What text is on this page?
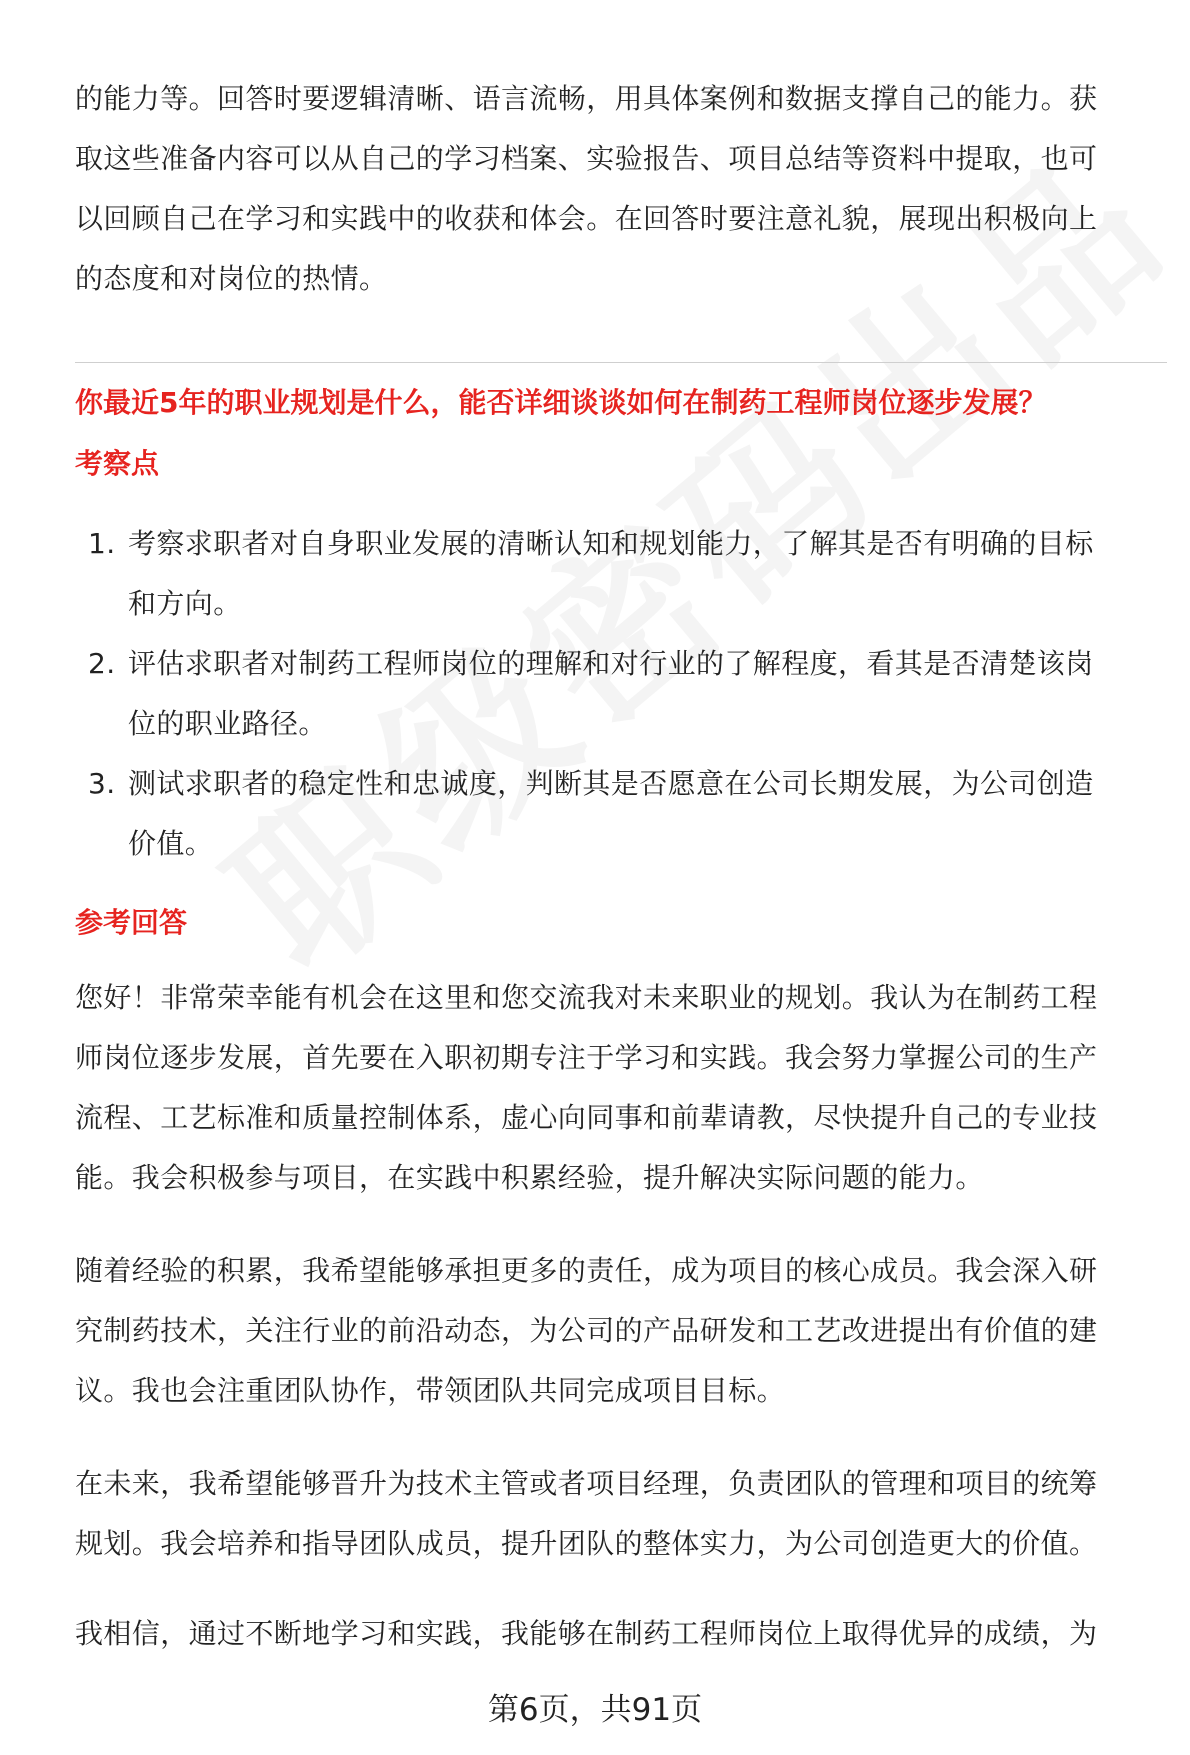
的能力等。回答时要逻辑清晰、语言流畅，用具体案例和数据支撑自己的能力。获
取这些准备内容可以从自己的学习档案、实验报告、项目总结等资料中提取，也可
以回顾自己在学习和实践中的收获和体会。在回答时要注意礼貌，展现出积极向上
的态度和对岗位的热情。
你最近5年的职业规划是什么，能否详细谈谈如何在制药工程师岗位逐步发展？
考察点
1. 考察求职者对自身职业发展的清晰认知和规划能力，了解其是否有明确的目标
和方向。
2. 评估求职者对制药工程师岗位的理解和对行业的了解程度，看其是否清楚该岗
位的职业路径。
3. 测试求职者的稳定性和忠诚度，判断其是否愿意在公司长期发展，为公司创造
价值。
参考回答
您好！非常荣幸能有机会在这里和您交流我对未来职业的规划。我认为在制药工程
师岗位逐步发展，首先要在入职初期专注于学习和实践。我会努力掌握公司的生产
流程、工艺标准和质量控制体系，虚心向同事和前辈请教，尽快提升自己的专业技
能。我会积极参与项目，在实践中积累经验，提升解决实际问题的能力。
随着经验的积累，我希望能够承担更多的责任，成为项目的核心成员。我会深入研
究制药技术，关注行业的前沿动态，为公司的产品研发和工艺改进提出有价值的建
议。我也会注重团队协作，带领团队共同完成项目目标。
在未来，我希望能够晋升为技术主管或者项目经理，负责团队的管理和项目的统筹
规划。我会培养和指导团队成员，提升团队的整体实力，为公司创造更大的价值。
我相信，通过不断地学习和实践，我能够在制药工程师岗位上取得优异的成绩，为
第6页，共91页
